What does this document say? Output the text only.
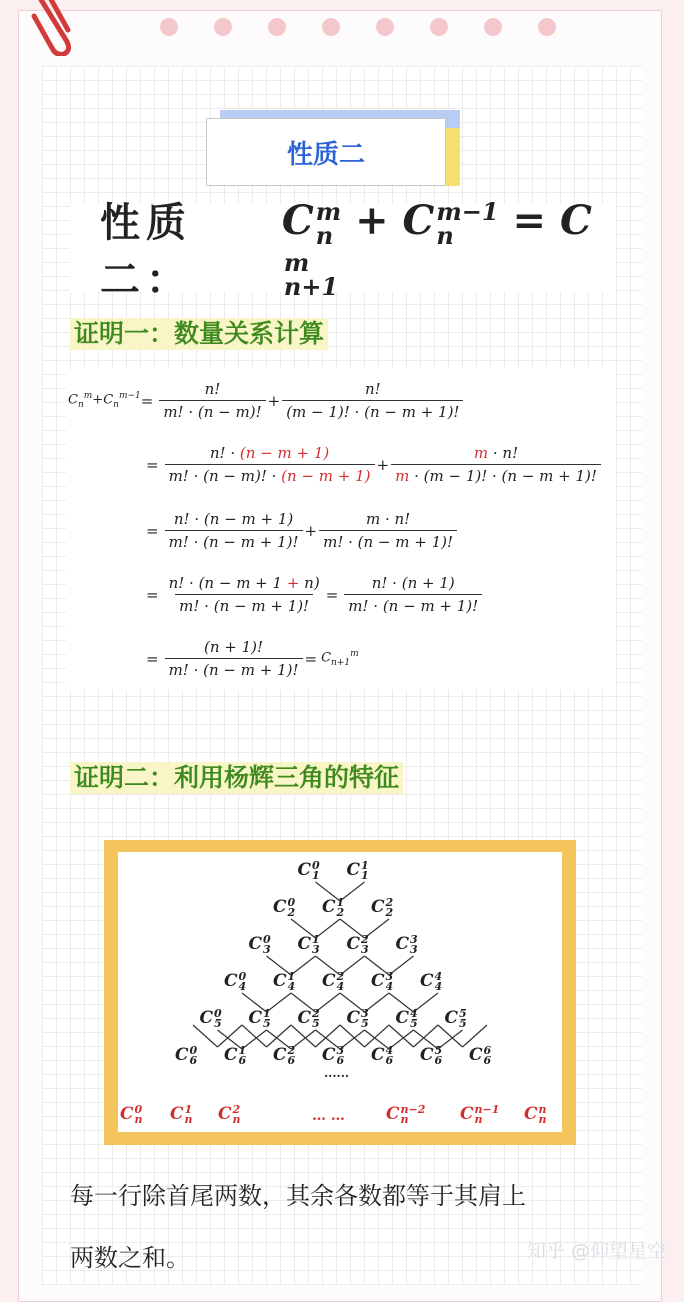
性质二
性质二：
C m
n + C m−1
n	= C
m
n+1
证明一：数量关系计算
$C_n^m+C_n^{m-1} = \frac{n!}{m! \cdot (n - m)!} + \frac{n!}{(m - 1)! \cdot (n - m + 1)!}$
= $\frac{n! \cdot (n - m + 1)}{m! \cdot (n - m)! \cdot (n - m + 1)} + \frac{m \cdot n!}{m \cdot (m - 1)! \cdot (n - m + 1)!}$
= $\frac{n! \cdot (n - m + 1)}{m! \cdot (n - m + 1)!} + \frac{m \cdot n!}{m! \cdot (n - m + 1)!}$
= $\frac{n! \cdot (n - m + 1 + n)}{m! \cdot (n - m + 1)!} = \frac{n! \cdot (n + 1)}{m! \cdot (n - m + 1)!}$
= $\frac{(n + 1)!}{m! \cdot (n - m + 1)!} = C_{n+1}^m$
证明二：利用杨辉三角的特征
C 0
1 C 1
1
C 0
2 C 1
2 C 2
2
C 0
3 C 1
3 C 2
3 C 3
3
C 0
4 C 1
4 C 2
4 C 3
4 C 4
4
C 0
5 C 1
5 C 2
5 C 3
5 C 4
5 C 5
5
C 0
6 C 1
6 C 2
6 C 3
6 C 4
6 C 5
6 C 6
6
......
C 0
n C 1
n C 2
n	C n−2
n	C n−1
n	C n
n
… …
每一行除首尾两数，其余各数都等于其肩上
两数之和。	知乎 @仰望星空
